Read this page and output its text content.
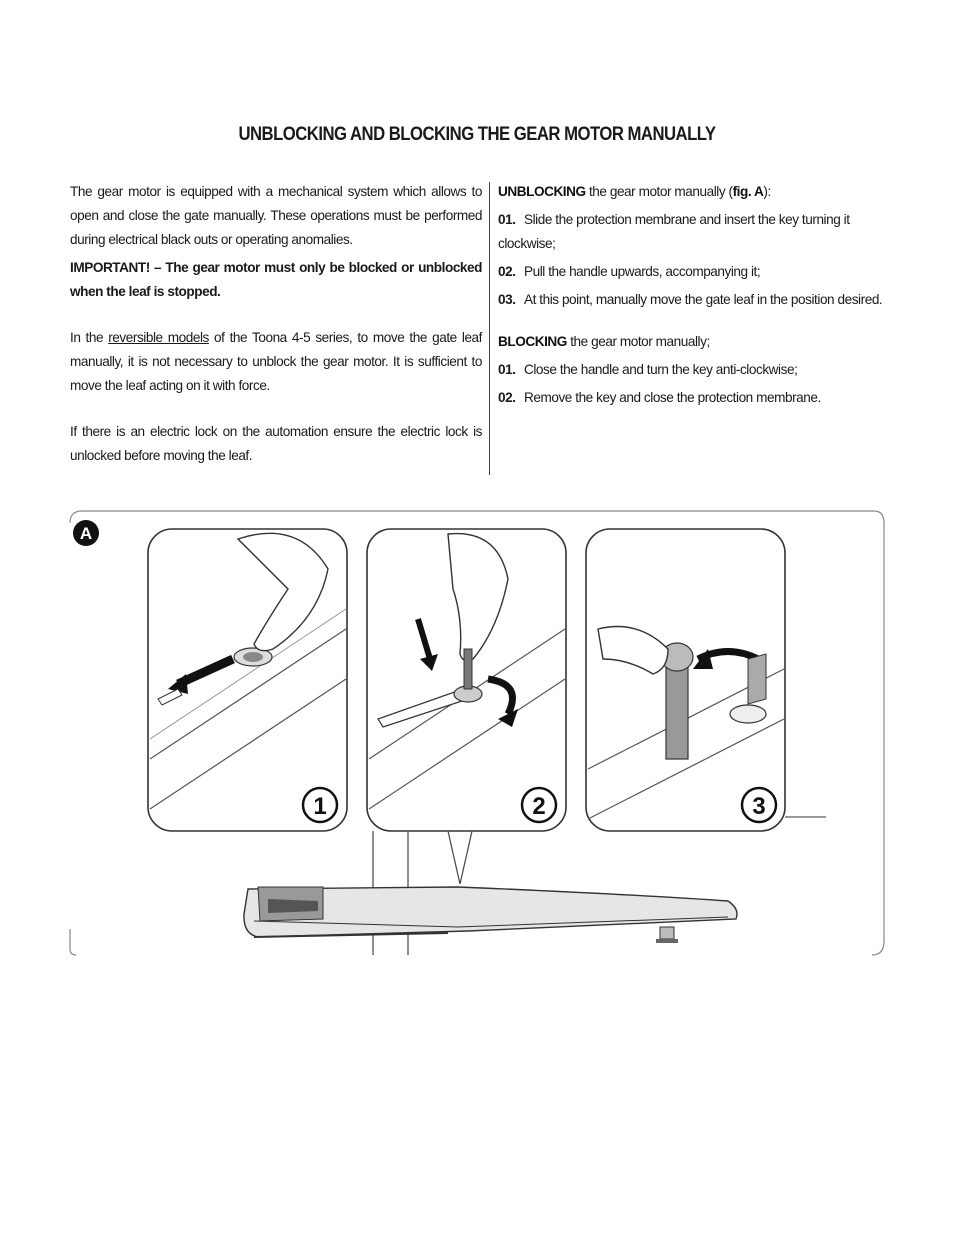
UNBLOCKING AND BLOCKING THE GEAR MOTOR MANUALLY

The gear motor is equipped with a mechanical system which allows to open and close the gate manually. These operations must be performed during electrical black outs or operating anomalies.

IMPORTANT! – The gear motor must only be blocked or unblocked when the leaf is stopped.

In the reversible models of the Toona 4-5 series, to move the gate leaf manually, it is not necessary to unblock the gear motor. It is sufficient to move the leaf acting on it with force.

If there is an electric lock on the automation ensure the electric lock is unlocked before moving the leaf.

UNBLOCKING the gear motor manually (fig. A):

01. Slide the protection membrane and insert the key turning it clockwise;
02. Pull the handle upwards, accompanying it;
03. At this point, manually move the gate leaf in the position desired.

BLOCKING the gear motor manually;

01. Close the handle and turn the key anti-clockwise;
02. Remove the key and close the protection membrane.
A
1	2	3
